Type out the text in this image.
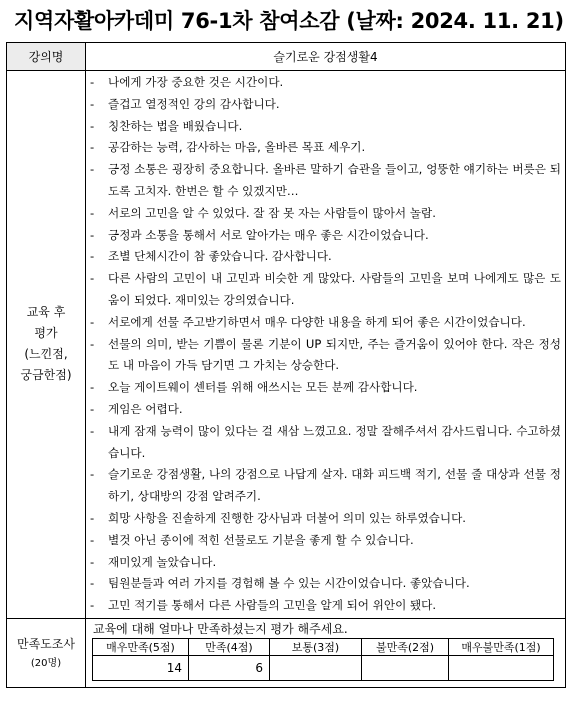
지역자활아카데미 76-1차 참여소감 (날짜: 2024. 11. 21)
강의명	슬기로운 강점생활4

교육 후
평가
(느낀점,
궁금한점)

- 나에게 가장 중요한 것은 시간이다.
- 즐겁고 열정적인 강의 감사합니다.
- 칭찬하는 법을 배웠습니다.
- 공감하는 능력, 감사하는 마음, 올바른 목표 세우기.
- 긍정 소통은 굉장히 중요합니다. 올바른 말하기 습관을 들이고, 엉뚱한 얘기하는 버릇은 되도록 고치자. 한번은 할 수 있겠지만…
- 서로의 고민을 알 수 있었다. 잘 잠 못 자는 사람들이 많아서 놀람.
- 긍정과 소통을 통해서 서로 알아가는 매우 좋은 시간이었습니다.
- 조별 단체시간이 참 좋았습니다. 감사합니다.
- 다른 사람의 고민이 내 고민과 비슷한 게 많았다. 사람들의 고민을 보며 나에게도 많은 도움이 되었다. 재미있는 강의였습니다.
- 서로에게 선물 주고받기하면서 매우 다양한 내용을 하게 되어 좋은 시간이었습니다.
- 선물의 의미, 받는 기쁨이 물론 기분이 UP 되지만, 주는 즐거움이 있어야 한다. 작은 정성도 내 마음이 가득 담기면 그 가치는 상승한다.
- 오늘 게이트웨이 센터를 위해 애쓰시는 모든 분께 감사합니다.
- 게임은 어렵다.
- 내게 잠재 능력이 많이 있다는 걸 새삼 느꼈고요. 정말 잘해주셔서 감사드립니다. 수고하셨습니다.
- 슬기로운 강점생활, 나의 강점으로 나답게 살자. 대화 피드백 적기, 선물 줄 대상과 선물 정하기, 상대방의 강점 알려주기.
- 희망 사항을 진솔하게 진행한 강사님과 더불어 의미 있는 하루였습니다.
- 별것 아닌 종이에 적힌 선물로도 기분을 좋게 할 수 있습니다.
- 재미있게 놀았습니다.
- 팀원분들과 여러 가지를 경험해 볼 수 있는 시간이었습니다. 좋았습니다.
- 고민 적기를 통해서 다른 사람들의 고민을 알게 되어 위안이 됐다.

만족도조사
(20명)

교육에 대해 얼마나 만족하셨는지 평가 해주세요.
매우만족(5점)	만족(4점)	보통(3점)	불만족(2점)	매우불만족(1점)
14	6			
